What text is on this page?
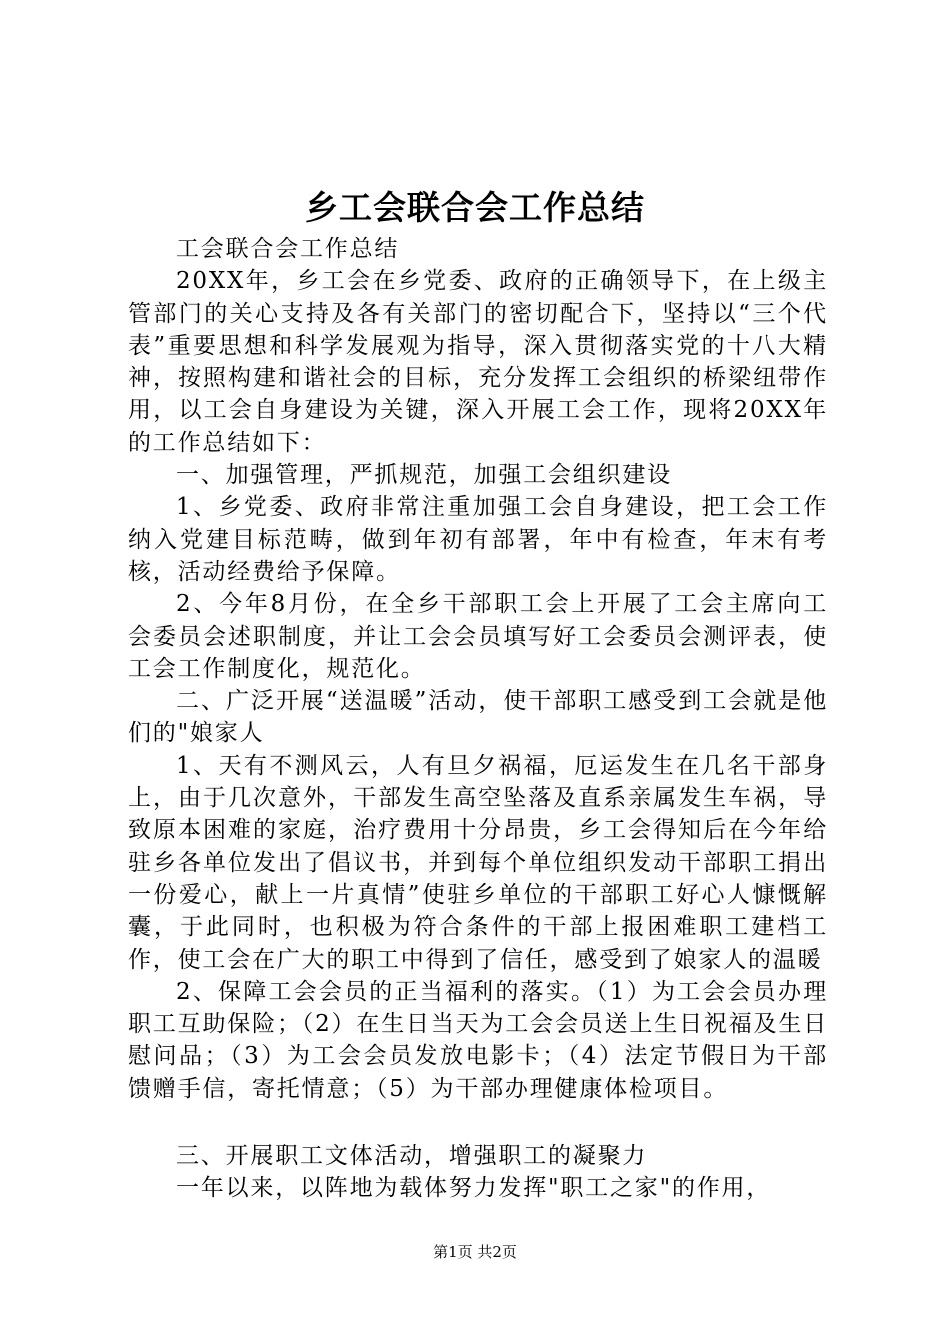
乡工会联合会工作总结

工会联合会工作总结

20XX年，乡工会在乡党委、政府的正确领导下，在上级主管部门的关心支持及各有关部门的密切配合下，坚持以“三个代表”重要思想和科学发展观为指导，深入贯彻落实党的十八大精神，按照构建和谐社会的目标，充分发挥工会组织的桥梁纽带作用，以工会自身建设为关键，深入开展工会工作，现将20XX年的工作总结如下：

一、加强管理，严抓规范，加强工会组织建设

1、乡党委、政府非常注重加强工会自身建设，把工会工作纳入党建目标范畴，做到年初有部署，年中有检查，年末有考核，活动经费给予保障。

2、今年8月份，在全乡干部职工会上开展了工会主席向工会委员会述职制度，并让工会会员填写好工会委员会测评表，使工会工作制度化，规范化。

二、广泛开展“送温暖”活动，使干部职工感受到工会就是他们的"娘家人

1、天有不测风云，人有旦夕祸福，厄运发生在几名干部身上，由于几次意外，干部发生高空坠落及直系亲属发生车祸，导致原本困难的家庭，治疗费用十分昂贵，乡工会得知后在今年给驻乡各单位发出了倡议书，并到每个单位组织发动干部职工捐出一份爱心，献上一片真情”使驻乡单位的干部职工好心人慷慨解囊，于此同时，也积极为符合条件的干部上报困难职工建档工作，使工会在广大的职工中得到了信任，感受到了娘家人的温暖

2、保障工会会员的正当福利的落实。（1）为工会会员办理职工互助保险；（2）在生日当天为工会会员送上生日祝福及生日慰问品；（3）为工会会员发放电影卡；（4）法定节假日为干部馈赠手信，寄托情意；（5）为干部办理健康体检项目。

三、开展职工文体活动，增强职工的凝聚力

一年以来，以阵地为载体努力发挥"职工之家"的作用，

第1页 共2页
